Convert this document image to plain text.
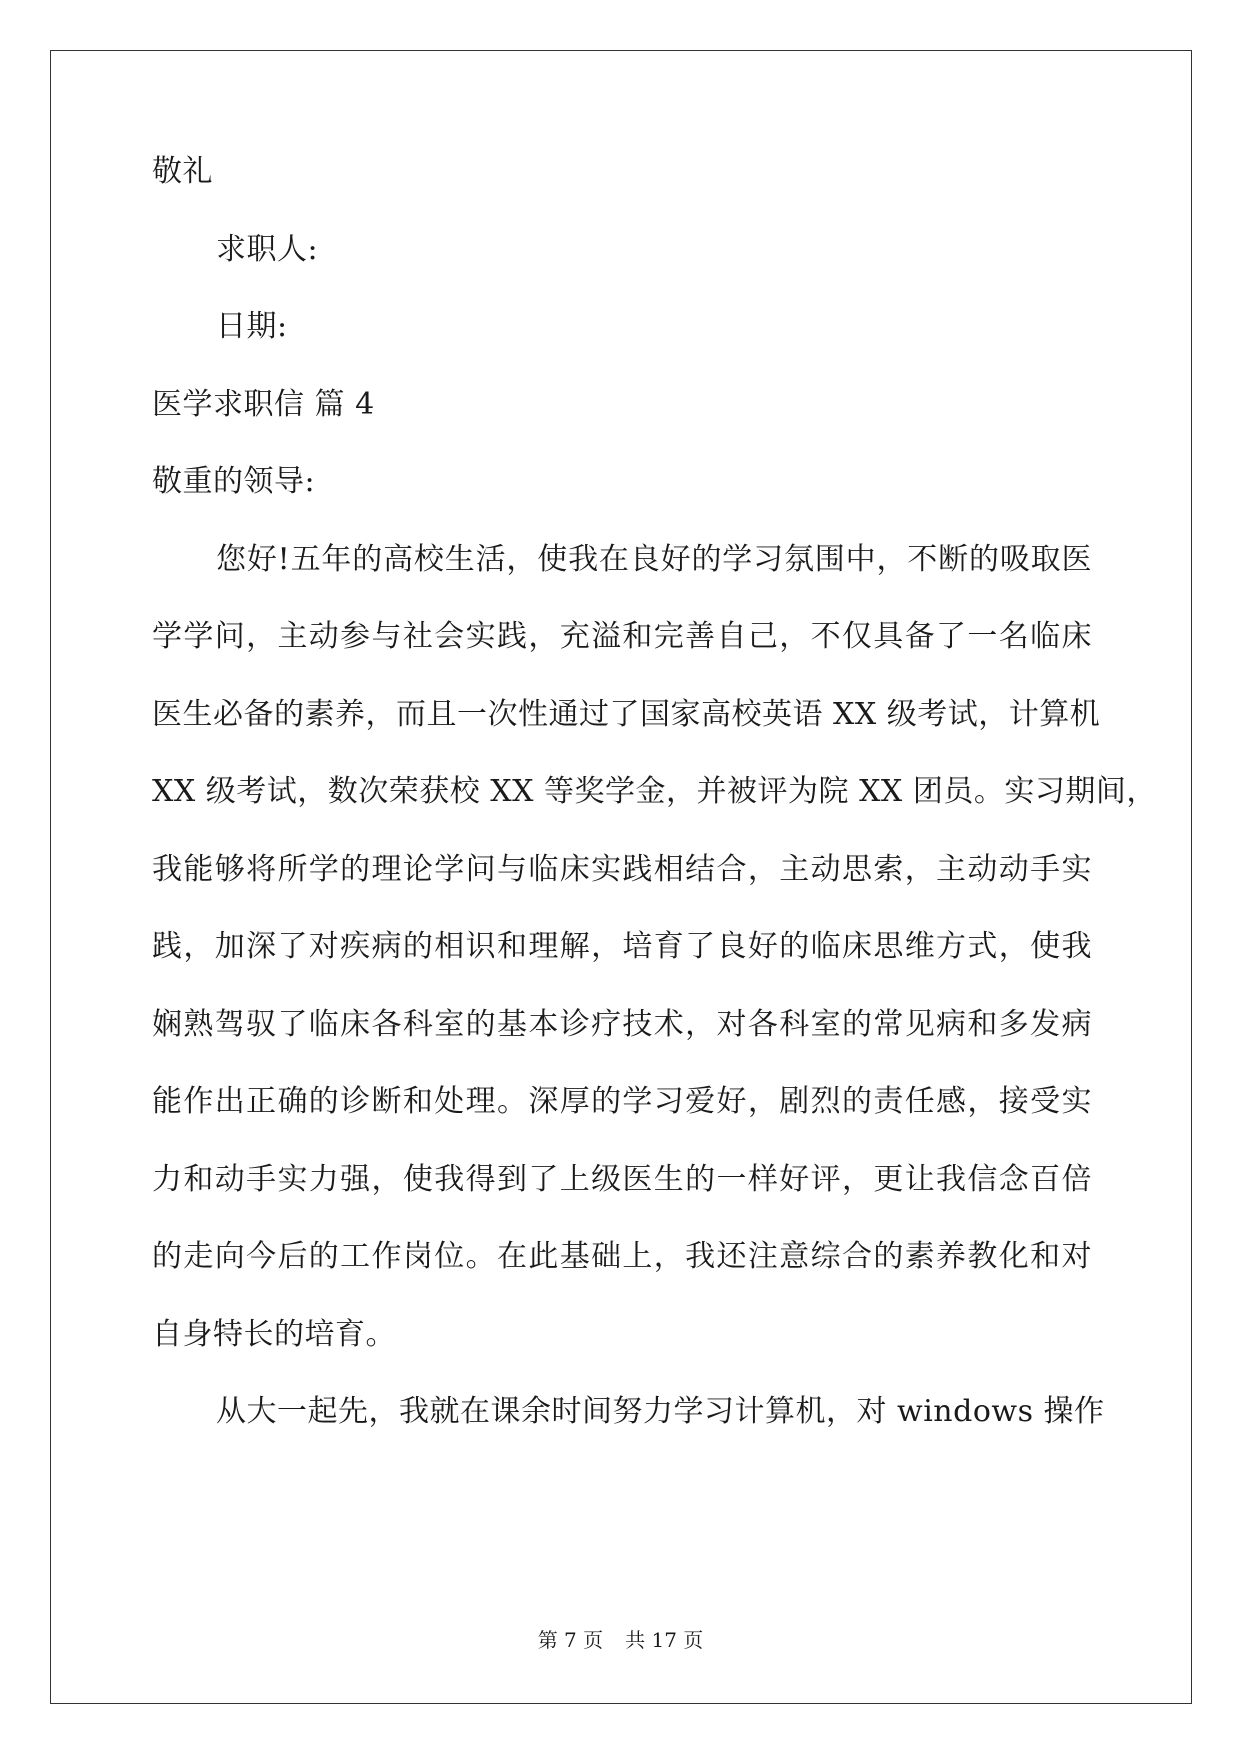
敬礼
求职人:
日期:
医学求职信 篇 4
敬重的领导:
您好!五年的高校生活，使我在良好的学习氛围中，不断的吸取医
学学问，主动参与社会实践，充溢和完善自己，不仅具备了一名临床
医生必备的素养，而且一次性通过了国家高校英语 XX 级考试，计算机
XX 级考试，数次荣获校 XX 等奖学金，并被评为院 XX 团员。实习期间，
我能够将所学的理论学问与临床实践相结合，主动思索，主动动手实
践，加深了对疾病的相识和理解，培育了良好的临床思维方式，使我
娴熟驾驭了临床各科室的基本诊疗技术，对各科室的常见病和多发病
能作出正确的诊断和处理。深厚的学习爱好，剧烈的责任感，接受实
力和动手实力强，使我得到了上级医生的一样好评，更让我信念百倍
的走向今后的工作岗位。在此基础上，我还注意综合的素养教化和对
自身特长的培育。
从大一起先，我就在课余时间努力学习计算机，对 windows 操作
第 7 页 共 17 页
